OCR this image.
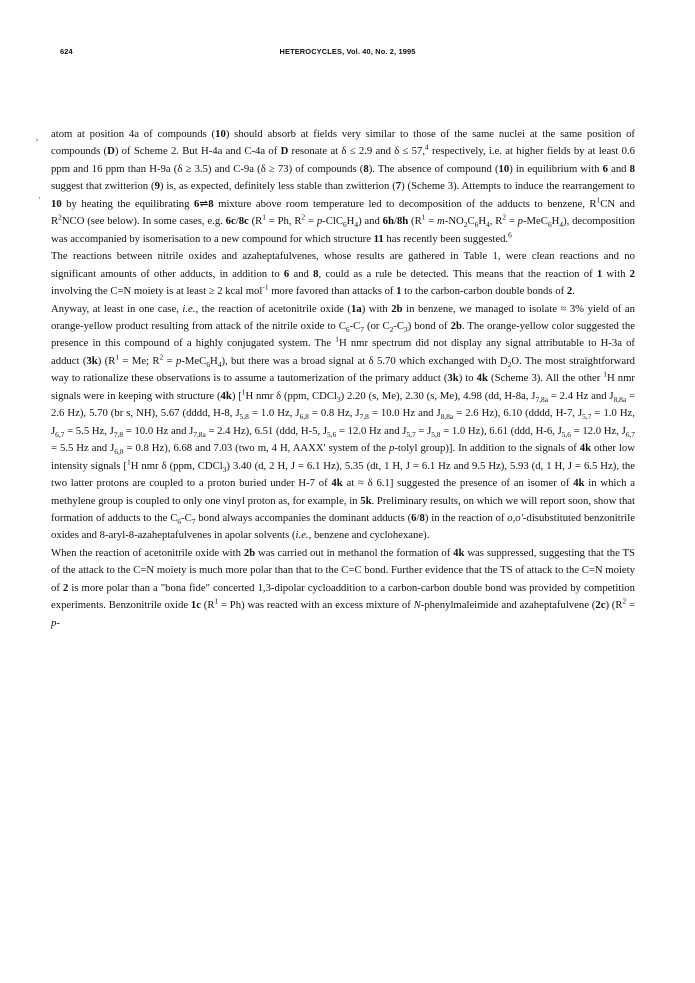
624	HETEROCYCLES, Vol. 40, No. 2, 1995
,
·

atom at position 4a of compounds (10) should absorb at fields very similar to those of the same nuclei at the same position of compounds (D) of Scheme 2. But H-4a and C-4a of D resonate at δ ≤ 2.9 and δ ≤ 57,$^4$ respectively, i.e. at higher fields by at least 0.6 ppm and 16 ppm than H-9a (δ ≥ 3.5) and C-9a (δ ≥ 73) of compounds (8). The absence of compound (10) in equilibrium with 6 and 8 suggest that zwitterion (9) is, as expected, definitely less stable than zwitterion (7) (Scheme 3). Attempts to induce the rearrangement to 10 by heating the equilibrating 6⇌8 mixture above room temperature led to decomposition of the adducts to benzene, $R^1CN$ and $R^2NCO$ (see below). In some cases, e.g. 6c/8c ($R^1 = Ph$, $R^2 = p-ClC_6H_4$) and 6h/8h ($R^1 = m-NO_2C_6H_4$, $R^2 = p-MeC_6H_4$), decomposition was accompanied by isomerisation to a new compound for which structure 11 has recently been suggested.$^6$

The reactions between nitrile oxides and azaheptafulvenes, whose results are gathered in Table 1, were clean reactions and no significant amounts of other adducts, in addition to 6 and 8, could as a rule be detected. This means that the reaction of 1 with 2 involving the C=N moiety is at least ≥ 2 kcal mol$^{-1}$ more favored than attacks of 1 to the carbon-carbon double bonds of 2.

Anyway, at least in one case, i.e., the reaction of acetonitrile oxide (1a) with 2b in benzene, we managed to isolate ≈ 3% yield of an orange-yellow product resulting from attack of the nitrile oxide to $C_6-C_7$ (or $C_2-C_3$) bond of 2b. The orange-yellow color suggested the presence in this compound of a highly conjugated system. The $^1$H nmr spectrum did not display any signal attributable to H-3a of adduct (3k) ($R^1 = Me$; $R^2 = p-MeC_6H_4$), but there was a broad signal at δ 5.70 which exchanged with $D_2O$. The most straightforward way to rationalize these observations is to assume a tautomerization of the primary adduct (3k) to 4k (Scheme 3). All the other $^1$H nmr signals were in keeping with structure (4k) [$^1$H nmr δ (ppm, CDCl$_3$) 2.20 (s, Me), 2.30 (s, Me), 4.98 (dd, H-8a, $J_{7,8a} = 2.4$ Hz and $J_{8,8a} = 2.6$ Hz), 5.70 (br s, NH), 5.67 (dddd, H-8, $J_{5,8} = 1.0$ Hz, $J_{6,8} = 0.8$ Hz, $J_{7,8} = 10.0$ Hz and $J_{8,8a} = 2.6$ Hz), 6.10 (dddd, H-7, $J_{5,7} = 1.0$ Hz, $J_{6,7} = 5.5$ Hz, $J_{7,8} = 10.0$ Hz and $J_{7,8a} = 2.4$ Hz), 6.51 (ddd, H-5, $J_{5,6} = 12.0$ Hz and $J_{5,7} = J_{5,8} = 1.0$ Hz), 6.61 (ddd, H-6, $J_{5,6} = 12.0$ Hz, $J_{6,7} = 5.5$ Hz and $J_{6,8} = 0.8$ Hz), 6.68 and 7.03 (two m, 4 H, AAXX' system of the p-tolyl group)]. In addition to the signals of 4k other low intensity signals [$^1$H nmr δ (ppm, CDCl$_3$) 3.40 (d, 2 H, J = 6.1 Hz), 5.35 (dt, 1 H, J = 6.1 Hz and 9.5 Hz), 5.93 (d, 1 H, J = 6.5 Hz), the two latter protons are coupled to a proton buried under H-7 of 4k at ≈ δ 6.1] suggested the presence of an isomer of 4k in which a methylene group is coupled to only one vinyl proton as, for example, in 5k. Preliminary results, on which we will report soon, show that formation of adducts to the $C_6-C_7$ bond always accompanies the dominant adducts (6/8) in the reaction of o,o'-disubstituted benzonitrile oxides and 8-aryl-8-azaheptafulvenes in apolar solvents (i.e., benzene and cyclohexane).

When the reaction of acetonitrile oxide with 2b was carried out in methanol the formation of 4k was suppressed, suggesting that the TS of the attack to the C=N moiety is much more polar than that to the C=C bond. Further evidence that the TS of attack to the C=N moiety of 2 is more polar than a "bona fide" concerted 1,3-dipolar cycloaddition to a carbon-carbon double bond was provided by competition experiments. Benzonitrile oxide 1c $(R^1 = Ph)$ was reacted with an excess mixture of N-phenylmaleimide and azaheptafulvene (2c) ($R^2 = p-$
